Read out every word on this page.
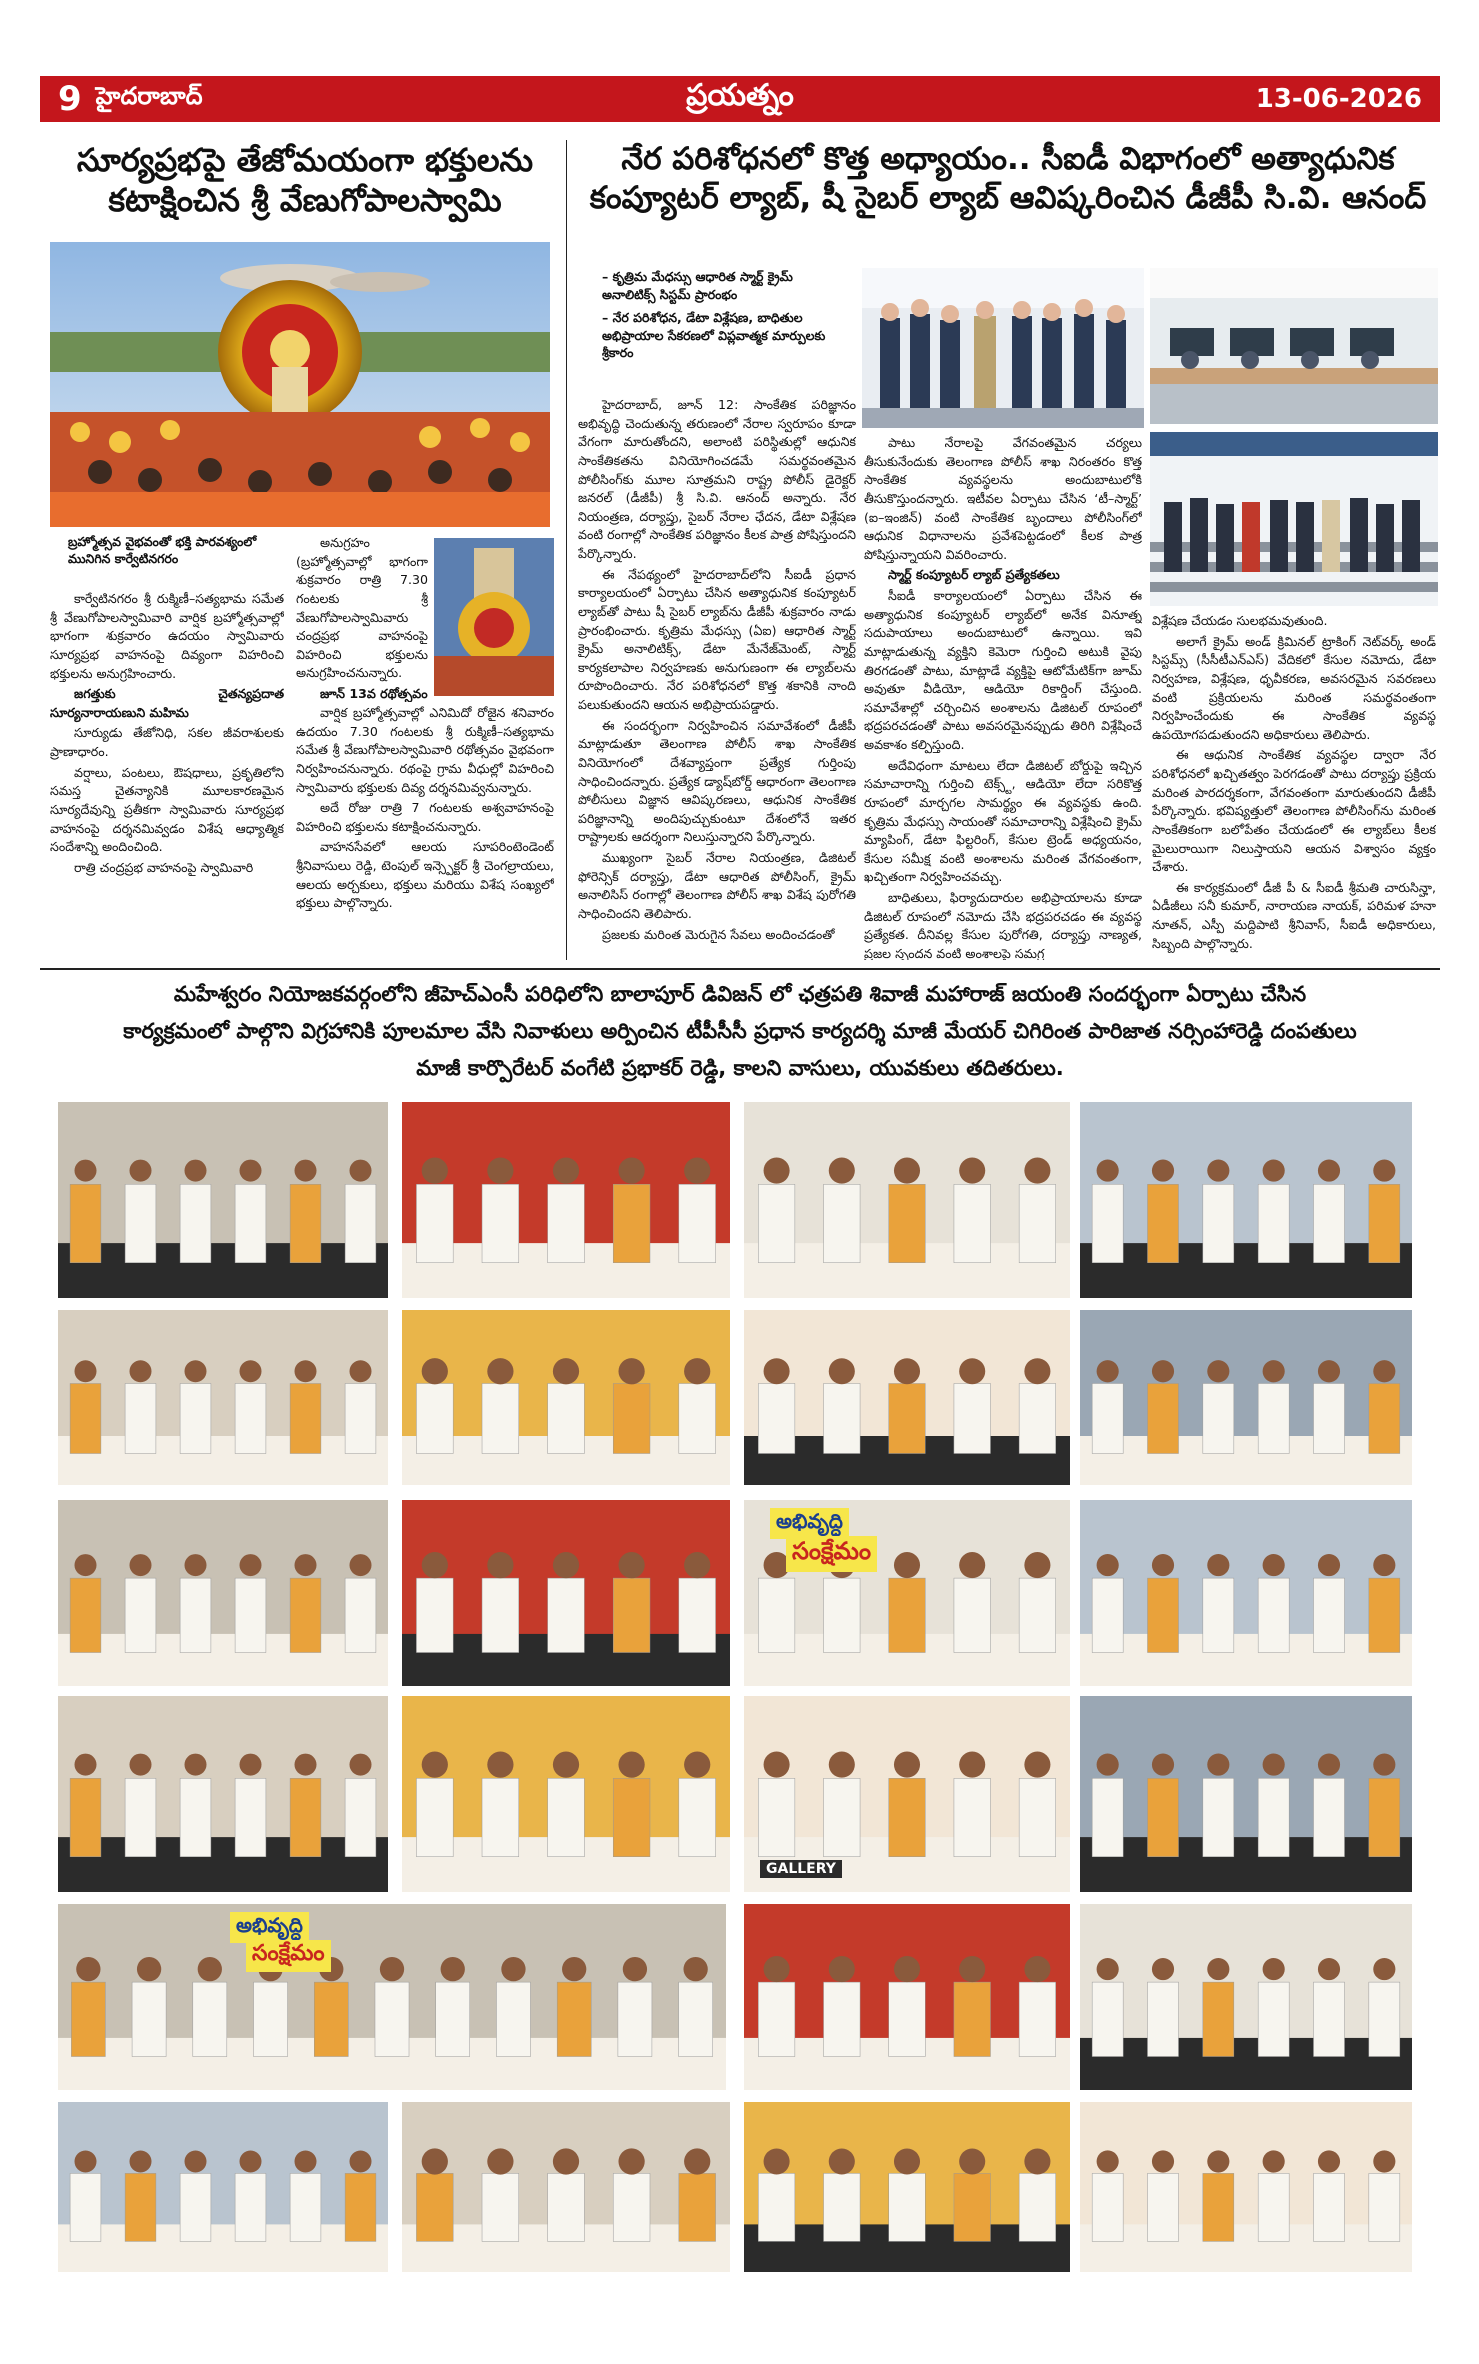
9 హైదరాబాద్	ప్రయత్నం	13-06-2026
సూర్యప్రభపై తేజోమయంగా భక్తులను
కటాక్షించిన శ్రీ వేణుగోపాలస్వామి
బ్రహ్మోత్సవ వైభవంతో భక్తి పారవశ్యంలో మునిగిన కార్వేటినగరం

కార్వేటినగరం శ్రీ రుక్మిణీ–సత్యభామ సమేత శ్రీ వేణుగోపాలస్వామివారి వార్షిక బ్రహ్మోత్సవాల్లో భాగంగా శుక్రవారం ఉదయం స్వామివారు సూర్యప్రభ వాహనంపై దివ్యంగా విహరించి భక్తులను అనుగ్రహించారు.

జగత్తుకు చైతన్యప్రదాత సూర్యనారాయణుని మహిమ

సూర్యుడు తేజోనిధి, సకల జీవరాశులకు ప్రాణాధారం.

వర్షాలు, పంటలు, ఔషధాలు, ప్రకృతిలోని సమస్త చైతన్యానికి మూలకారణమైన సూర్యదేవున్ని ప్రతీకగా స్వామివారు సూర్యప్రభ వాహనంపై దర్శనమివ్వడం విశేష ఆధ్యాత్మిక సందేశాన్ని అందించింది.

రాత్రి చంద్రప్రభ వాహనంపై స్వామివారి

అనుగ్రహం (బ్రహ్మోత్సవాల్లో భాగంగా శుక్రవారం రాత్రి 7.30 గంటలకు శ్రీ వేణుగోపాలస్వామివారు చంద్రప్రభ వాహనంపై విహరించి భక్తులను అనుగ్రహించనున్నారు.

జూన్ 13వ రథోత్సవం

వార్షిక బ్రహ్మోత్సవాల్లో ఎనిమిదో రోజైన శనివారం ఉదయం 7.30 గంటలకు శ్రీ రుక్మిణీ–సత్యభామ సమేత శ్రీ వేణుగోపాలస్వామివారి రథోత్సవం వైభవంగా నిర్వహించనున్నారు. రథంపై గ్రామ వీధుల్లో విహరించి స్వామివారు భక్తులకు దివ్య దర్శనమివ్వనున్నారు.

అదే రోజు రాత్రి 7 గంటలకు అశ్వవాహనంపై విహరించి భక్తులను కటాక్షించనున్నారు.

వాహనసేవలో ఆలయ సూపరింటెండెంట్ శ్రీనివాసులు రెడ్డి, టెంపుల్ ఇన్స్పెక్టర్ శ్రీ చెంగల్రాయలు, ఆలయ అర్చకులు, భక్తులు మరియు విశేష సంఖ్యలో భక్తులు పాల్గొన్నారు.

నేర పరిశోధనలో కొత్త అధ్యాయం.. సీఐడీ విభాగంలో అత్యాధునిక
కంప్యూటర్ ల్యాబ్, షీ సైబర్ ల్యాబ్ ఆవిష్కరించిన డీజీపీ సి.వి. ఆనంద్
– కృత్రిమ మేధస్సు ఆధారిత స్మార్ట్ క్రైమ్ అనాలిటిక్స్ సిస్టమ్ ప్రారంభం
– నేర పరిశోధన, డేటా విశ్లేషణ, బాధితుల అభిప్రాయాల సేకరణలో విప్లవాత్మక మార్పులకు శ్రీకారం

హైదరాబాద్, జూన్ 12: సాంకేతిక పరిజ్ఞానం అభివృద్ధి చెందుతున్న తరుణంలో నేరాల స్వరూపం కూడా వేగంగా మారుతోందని, అలాంటి పరిస్థితుల్లో ఆధునిక సాంకేతికతను వినియోగించడమే సమర్థవంతమైన పోలీసింగ్‌కు మూల సూత్రమని రాష్ట్ర పోలీస్ డైరెక్టర్ జనరల్ (డీజీపీ) శ్రీ సి.వి. ఆనంద్ అన్నారు. నేర నియంత్రణ, దర్యాప్తు, సైబర్ నేరాల ఛేదన, డేటా విశ్లేషణ వంటి రంగాల్లో సాంకేతిక పరిజ్ఞానం కీలక పాత్ర పోషిస్తుందని పేర్కొన్నారు.

ఈ నేపథ్యంలో హైదరాబాద్‌లోని సీఐడీ ప్రధాన కార్యాలయంలో ఏర్పాటు చేసిన అత్యాధునిక కంప్యూటర్ ల్యాబ్‌తో పాటు షీ సైబర్ ల్యాబ్‌ను డీజీపీ శుక్రవారం నాడు ప్రారంభించారు. కృత్రిమ మేధస్సు (ఏఐ) ఆధారిత స్మార్ట్ క్రైమ్ అనాలిటిక్స్, డేటా మేనేజ్‌మెంట్, స్మార్ట్ కార్యకలాపాల నిర్వహణకు అనుగుణంగా ఈ ల్యాబ్‌లను రూపొందించారు. నేర పరిశోధనలో కొత్త శకానికి నాంది పలుకుతుందని ఆయన అభిప్రాయపడ్డారు.

ఈ సందర్భంగా నిర్వహించిన సమావేశంలో డీజీపీ మాట్లాడుతూ తెలంగాణ పోలీస్ శాఖ సాంకేతిక వినియోగంలో దేశవ్యాప్తంగా ప్రత్యేక గుర్తింపు సాధించిందన్నారు. ప్రత్యేక డ్యాష్‌బోర్డ్ ఆధారంగా తెలంగాణ పోలీసులు విజ్ఞాన ఆవిష్కరణలు, ఆధునిక సాంకేతిక పరిజ్ఞానాన్ని అందిపుచ్చుకుంటూ దేశంలోనే ఇతర రాష్ట్రాలకు ఆదర్శంగా నిలుస్తున్నారని పేర్కొన్నారు.

ముఖ్యంగా సైబర్ నేరాల నియంత్రణ, డిజిటల్ ఫోరెన్సిక్ దర్యాప్తు, డేటా ఆధారిత పోలీసింగ్, క్రైమ్ అనాలిసిస్ రంగాల్లో తెలంగాణ పోలీస్ శాఖ విశేష పురోగతి సాధించిందని తెలిపారు.

ప్రజలకు మరింత మెరుగైన సేవలు అందించడంతో

పాటు నేరాలపై వేగవంతమైన చర్యలు తీసుకునేందుకు తెలంగాణ పోలీస్ శాఖ నిరంతరం కొత్త సాంకేతిక వ్యవస్థలను అందుబాటులోకి తీసుకొస్తుందన్నారు. ఇటీవల ఏర్పాటు చేసిన ‘టీ–స్మార్ట్’ (ఐ–ఇంజిన్) వంటి సాంకేతిక బృందాలు పోలీసింగ్‌లో ఆధునిక విధానాలను ప్రవేశపెట్టడంలో కీలక పాత్ర పోషిస్తున్నాయని వివరించారు.

స్మార్ట్ కంప్యూటర్ ల్యాబ్ ప్రత్యేకతలు

సీఐడీ కార్యాలయంలో ఏర్పాటు చేసిన ఈ అత్యాధునిక కంప్యూటర్ ల్యాబ్‌లో అనేక వినూత్న సదుపాయాలు అందుబాటులో ఉన్నాయి. ఇవి మాట్లాడుతున్న వ్యక్తిని కెమెరా గుర్తించి అటుకి వైపు తిరగడంతో పాటు, మాట్లాడే వ్యక్తిపై ఆటోమేటిక్‌గా జూమ్ అవుతూ వీడియో, ఆడియో రికార్డింగ్ చేస్తుంది. సమావేశాల్లో చర్చించిన అంశాలను డిజిటల్ రూపంలో భద్రపరచడంతో పాటు అవసరమైనప్పుడు తిరిగి విశ్లేషించే అవకాశం కల్పిస్తుంది.

అదేవిధంగా మాటలు లేదా డిజిటల్ బోర్డుపై ఇచ్చిన సమాచారాన్ని గుర్తించి టెక్స్ట్, ఆడియో లేదా సరికొత్త రూపంలో మార్చగల సామర్థ్యం ఈ వ్యవస్థకు ఉంది. కృత్రిమ మేధస్సు సాయంతో సమాచారాన్ని విశ్లేషించి క్రైమ్ మ్యాపింగ్, డేటా ఫిల్టరింగ్, కేసుల ట్రెండ్ అధ్యయనం, కేసుల సమీక్ష వంటి అంశాలను మరింత వేగవంతంగా, ఖచ్చితంగా నిర్వహించవచ్చు.

బాధితులు, ఫిర్యాదుదారుల అభిప్రాయాలను కూడా డిజిటల్ రూపంలో నమోదు చేసి భద్రపరచడం ఈ వ్యవస్థ ప్రత్యేకత. దీనివల్ల కేసుల పురోగతి, దర్యాప్తు నాణ్యత, ప్రజల స్పందన వంటి అంశాలపై సమగ్ర

విశ్లేషణ చేయడం సులభమవుతుంది.

అలాగే క్రైమ్ అండ్ క్రిమినల్ ట్రాకింగ్ నెట్‌వర్క్ అండ్ సిస్టమ్స్ (సీసీటీఎన్ఎస్) వేదికలో కేసుల నమోదు, డేటా నిర్వహణ, విశ్లేషణ, ధృవీకరణ, అవసరమైన సవరణలు వంటి ప్రక్రియలను మరింత సమర్థవంతంగా నిర్వహించేందుకు ఈ సాంకేతిక వ్యవస్థ ఉపయోగపడుతుందని అధికారులు తెలిపారు.

ఈ ఆధునిక సాంకేతిక వ్యవస్థల ద్వారా నేర పరిశోధనలో ఖచ్చితత్వం పెరగడంతో పాటు దర్యాప్తు ప్రక్రియ మరింత పారదర్శకంగా, వేగవంతంగా మారుతుందని డీజీపీ పేర్కొన్నారు. భవిష్యత్తులో తెలంగాణ పోలీసింగ్‌ను మరింత సాంకేతికంగా బలోపేతం చేయడంలో ఈ ల్యాబ్‌లు కీలక మైలురాయిగా నిలుస్తాయని ఆయన విశ్వాసం వ్యక్తం చేశారు.

ఈ కార్యక్రమంలో డీజీ పీ & సీఐడీ శ్రీమతి చారుసిన్హా, ఏడీజీలు సనీ కుమార్, నారాయణ నాయక్, పరిమళ హనా నూతన్, ఎస్పీ మద్దిపాటి శ్రీనివాస్, సీఐడీ అధికారులు, సిబ్బంది పాల్గొన్నారు.

మహేశ్వరం నియోజకవర్గంలోని జీహెచ్ఎంసీ పరిధిలోని బాలాపూర్ డివిజన్ లో ఛత్రపతి శివాజీ మహారాజ్ జయంతి సందర్భంగా ఏర్పాటు చేసిన
కార్యక్రమంలో పాల్గొని విగ్రహానికి పూలమాల వేసి నివాళులు అర్పించిన టీపీసీసీ ప్రధాన కార్యదర్శి మాజీ మేయర్ చిగిరింత పారిజాత నర్సింహారెడ్డి దంపతులు
మాజీ కార్పొరేటర్ వంగేటి ప్రభాకర్ రెడ్డి, కాలని వాసులు, యువకులు తదితరులు.
అభివృద్ధి
సంక్షేమం
అభివృద్ధి
సంక్షేమం
GALLERY
